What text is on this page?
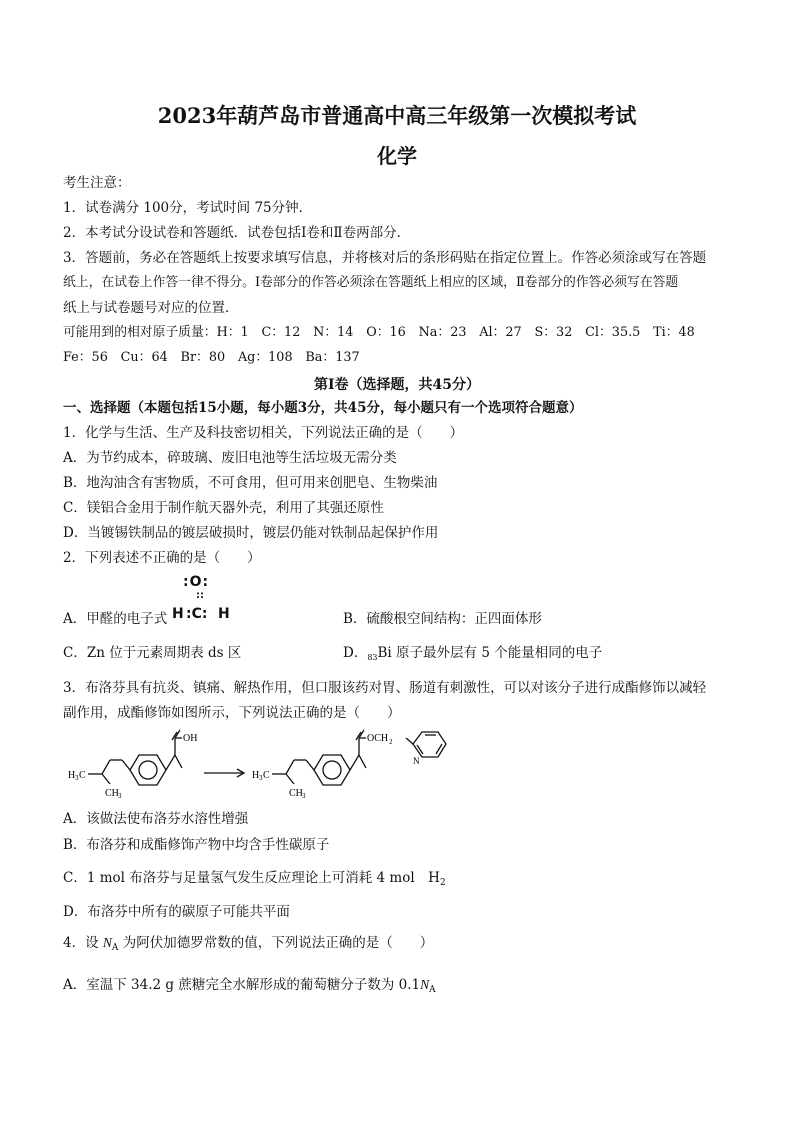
2023年葫芦岛市普通高中高三年级第一次模拟考试
化学
考生注意：
1．试卷满分 100分，考试时间 75分钟．
2．本考试分设试卷和答题纸．试卷包括Ⅰ卷和Ⅱ卷两部分．
3．答题前，务必在答题纸上按要求填写信息，并将核对后的条形码贴在指定位置上。作答必须涂或写在答题
纸上，在试卷上作答一律不得分。Ⅰ卷部分的作答必须涂在答题纸上相应的区域，Ⅱ卷部分的作答必须写在答题
纸上与试卷题号对应的位置．
可能用到的相对原子质量：H：1　C：12　N：14　O：16　Na：23　Al：27　S：32　Cl：35.5　Ti：48
Fe：56　Cu：64　Br：80　Ag：108　Ba：137
第Ⅰ卷（选择题，共45分）
一、选择题（本题包括15小题，每小题3分，共45分，每小题只有一个选项符合题意）
1．化学与生活、生产及科技密切相关，下列说法正确的是（　　）
A．为节约成本，碎玻璃、废旧电池等生活垃圾无需分类
B．地沟油含有害物质，不可食用，但可用来创肥皂、生物柴油
C．镁铝合金用于制作航天器外壳，利用了其强还原性
D．当镀锡铁制品的镀层破损时，镀层仍能对铁制品起保护作用
2．下列表述不正确的是（　　）
A．甲醛的电子式
:O:
::
H :C: H	B．硫酸根空间结构：正四面体形
C．Zn 位于元素周期表 ds 区	D．$_{83}$Bi 原子最外层有 5 个能量相同的电子
3．布洛芬具有抗炎、镇痛、解热作用，但口服该药对胃、肠道有刺激性，可以对该分子进行成酯修饰以减轻
副作用，成酯修饰如图所示，下列说法正确的是（　　）
H 3 C
CH 3
OH
H 3 C
CH 3
OCH 2
N
A．该做法使布洛芬水溶性增强
B．布洛芬和成酯修饰产物中均含手性碳原子
C．1 mol 布洛芬与足量氢气发生反应理论上可消耗 4 mol　$H_2$
D．布洛芬中所有的碳原子可能共平面
4．设 $N_A$ 为阿伏加德罗常数的值，下列说法正确的是（　　）
A．室温下 34.2 g 蔗糖完全水解形成的葡萄糖分子数为 $0.1N_A$
